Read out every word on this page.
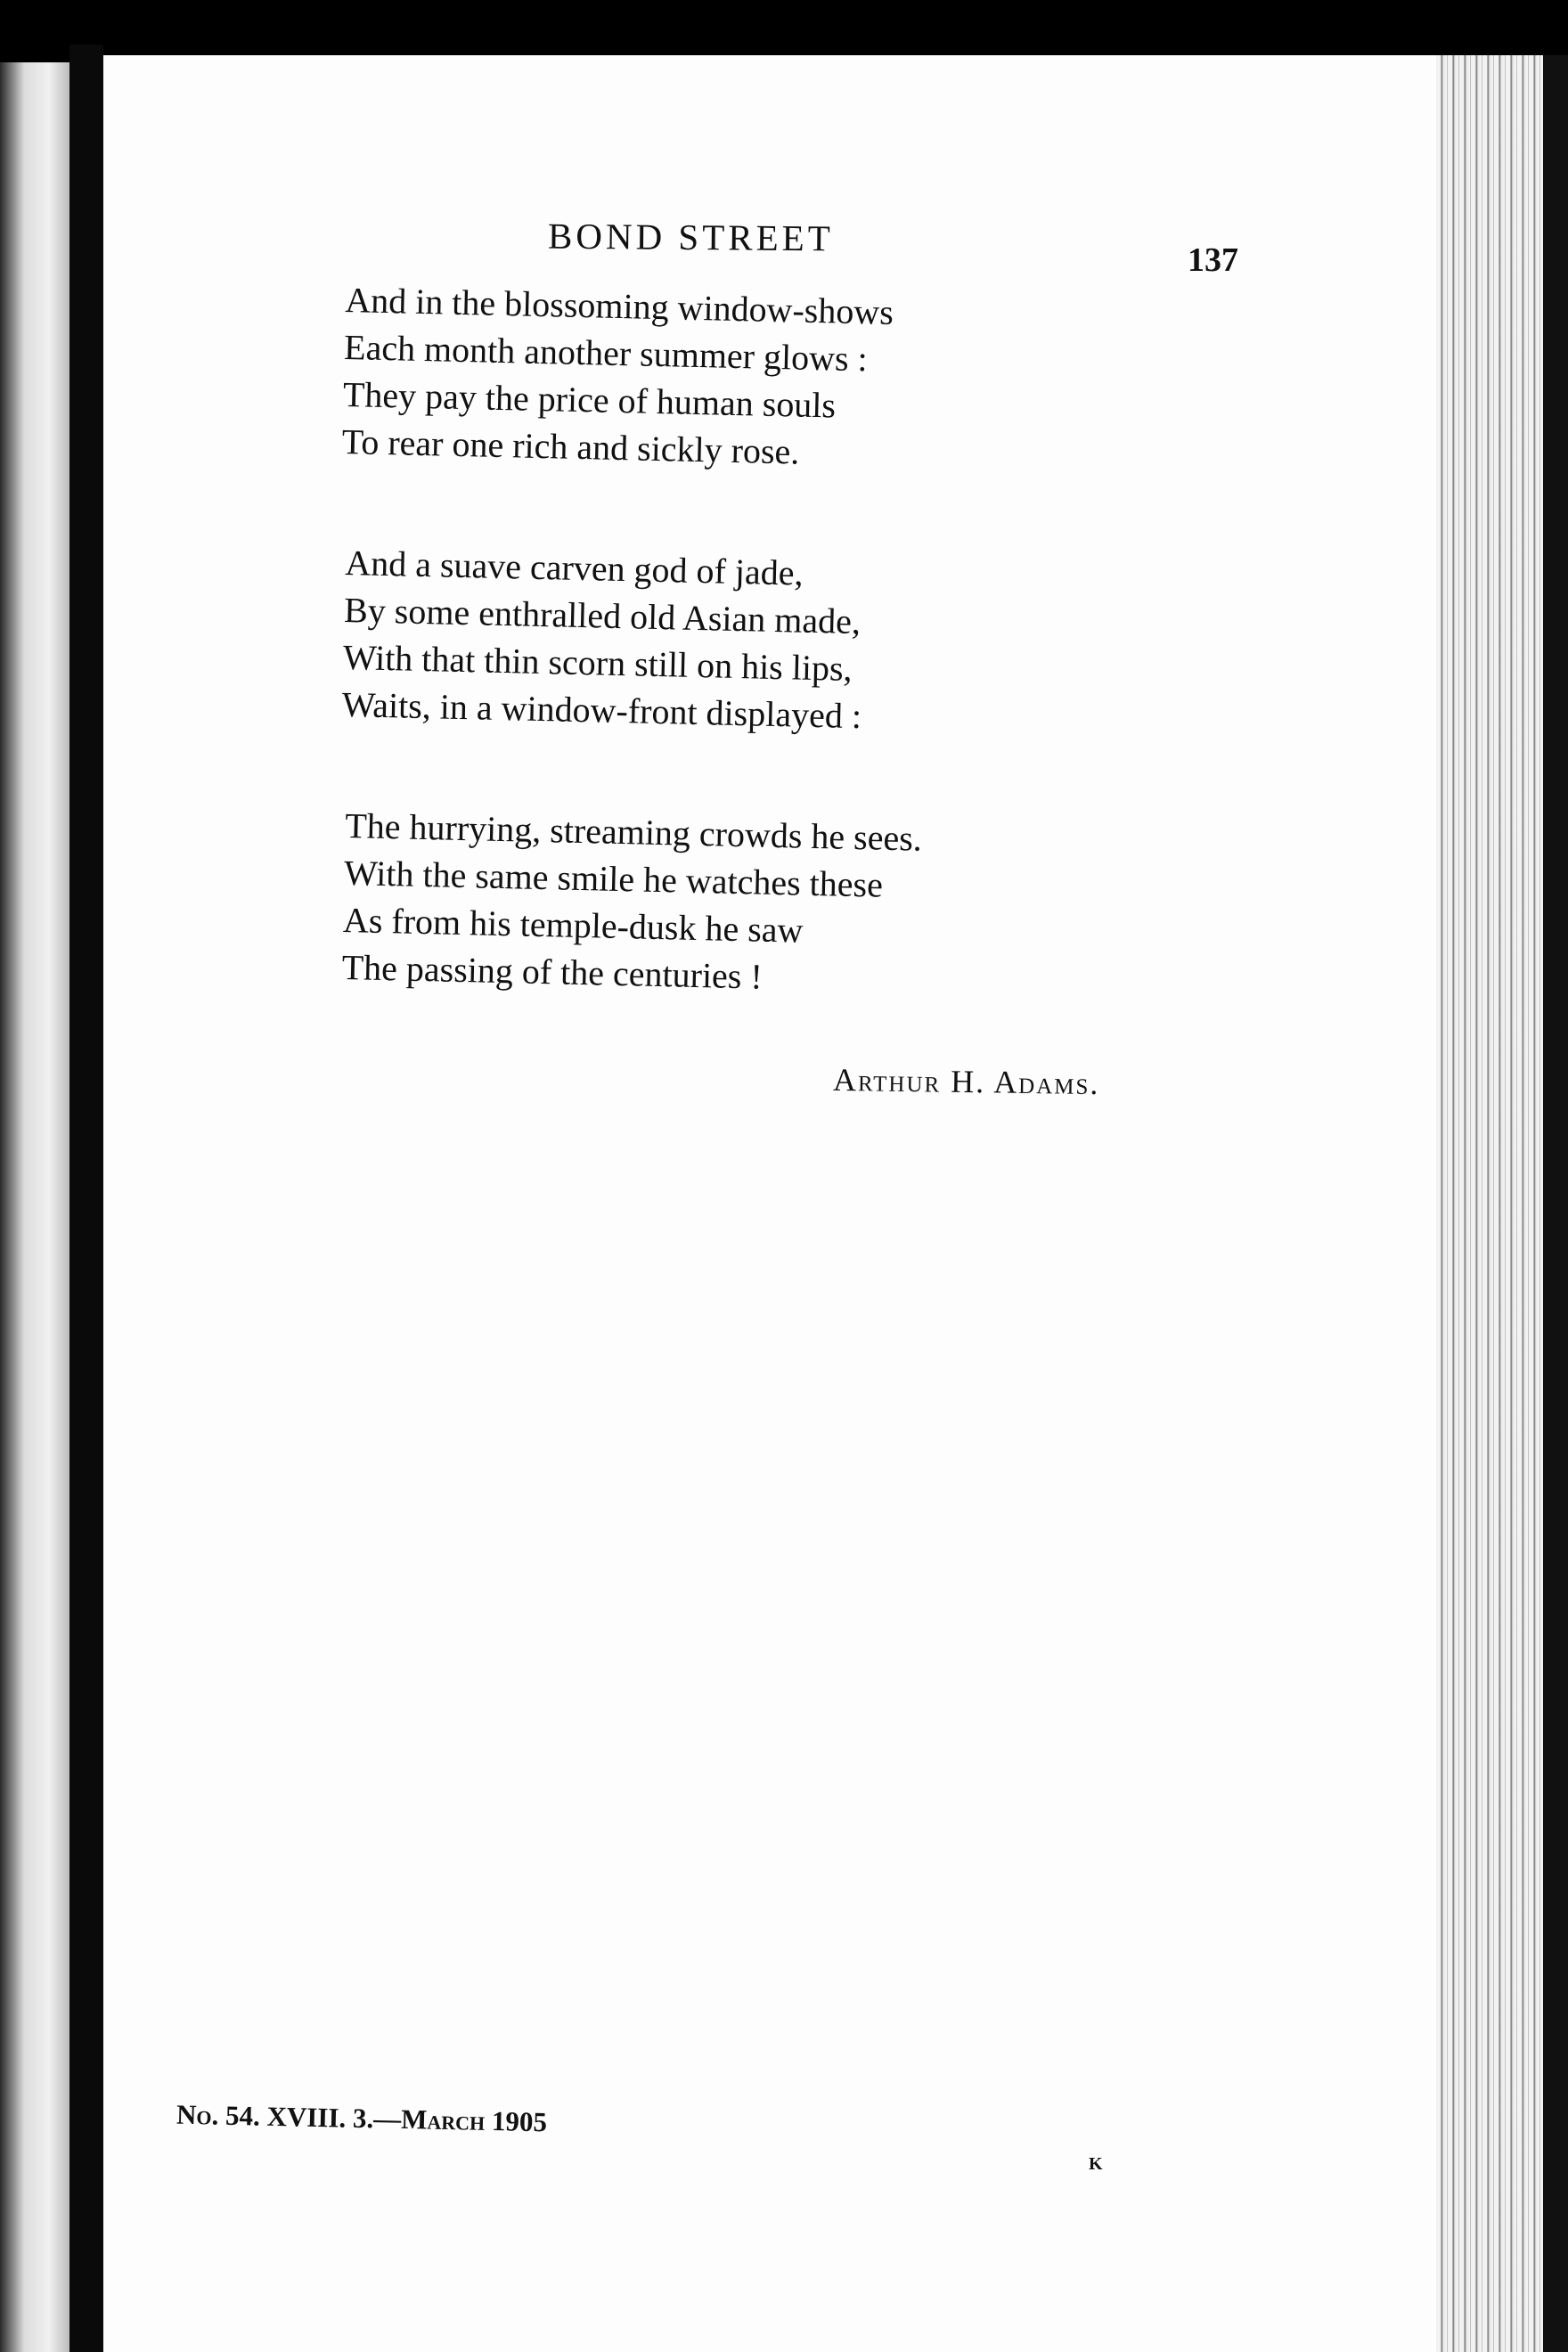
BOND STREET
137
And in the blossoming window-shows
Each month another summer glows :
They pay the price of human souls
To rear one rich and sickly rose.
And a suave carven god of jade,
By some enthralled old Asian made,
With that thin scorn still on his lips,
Waits, in a window-front displayed :
The hurrying, streaming crowds he sees.
With the same smile he watches these
As from his temple-dusk he saw
The passing of the centuries !
Arthur H. Adams.
No. 54. XVIII. 3.—March 1905
K
